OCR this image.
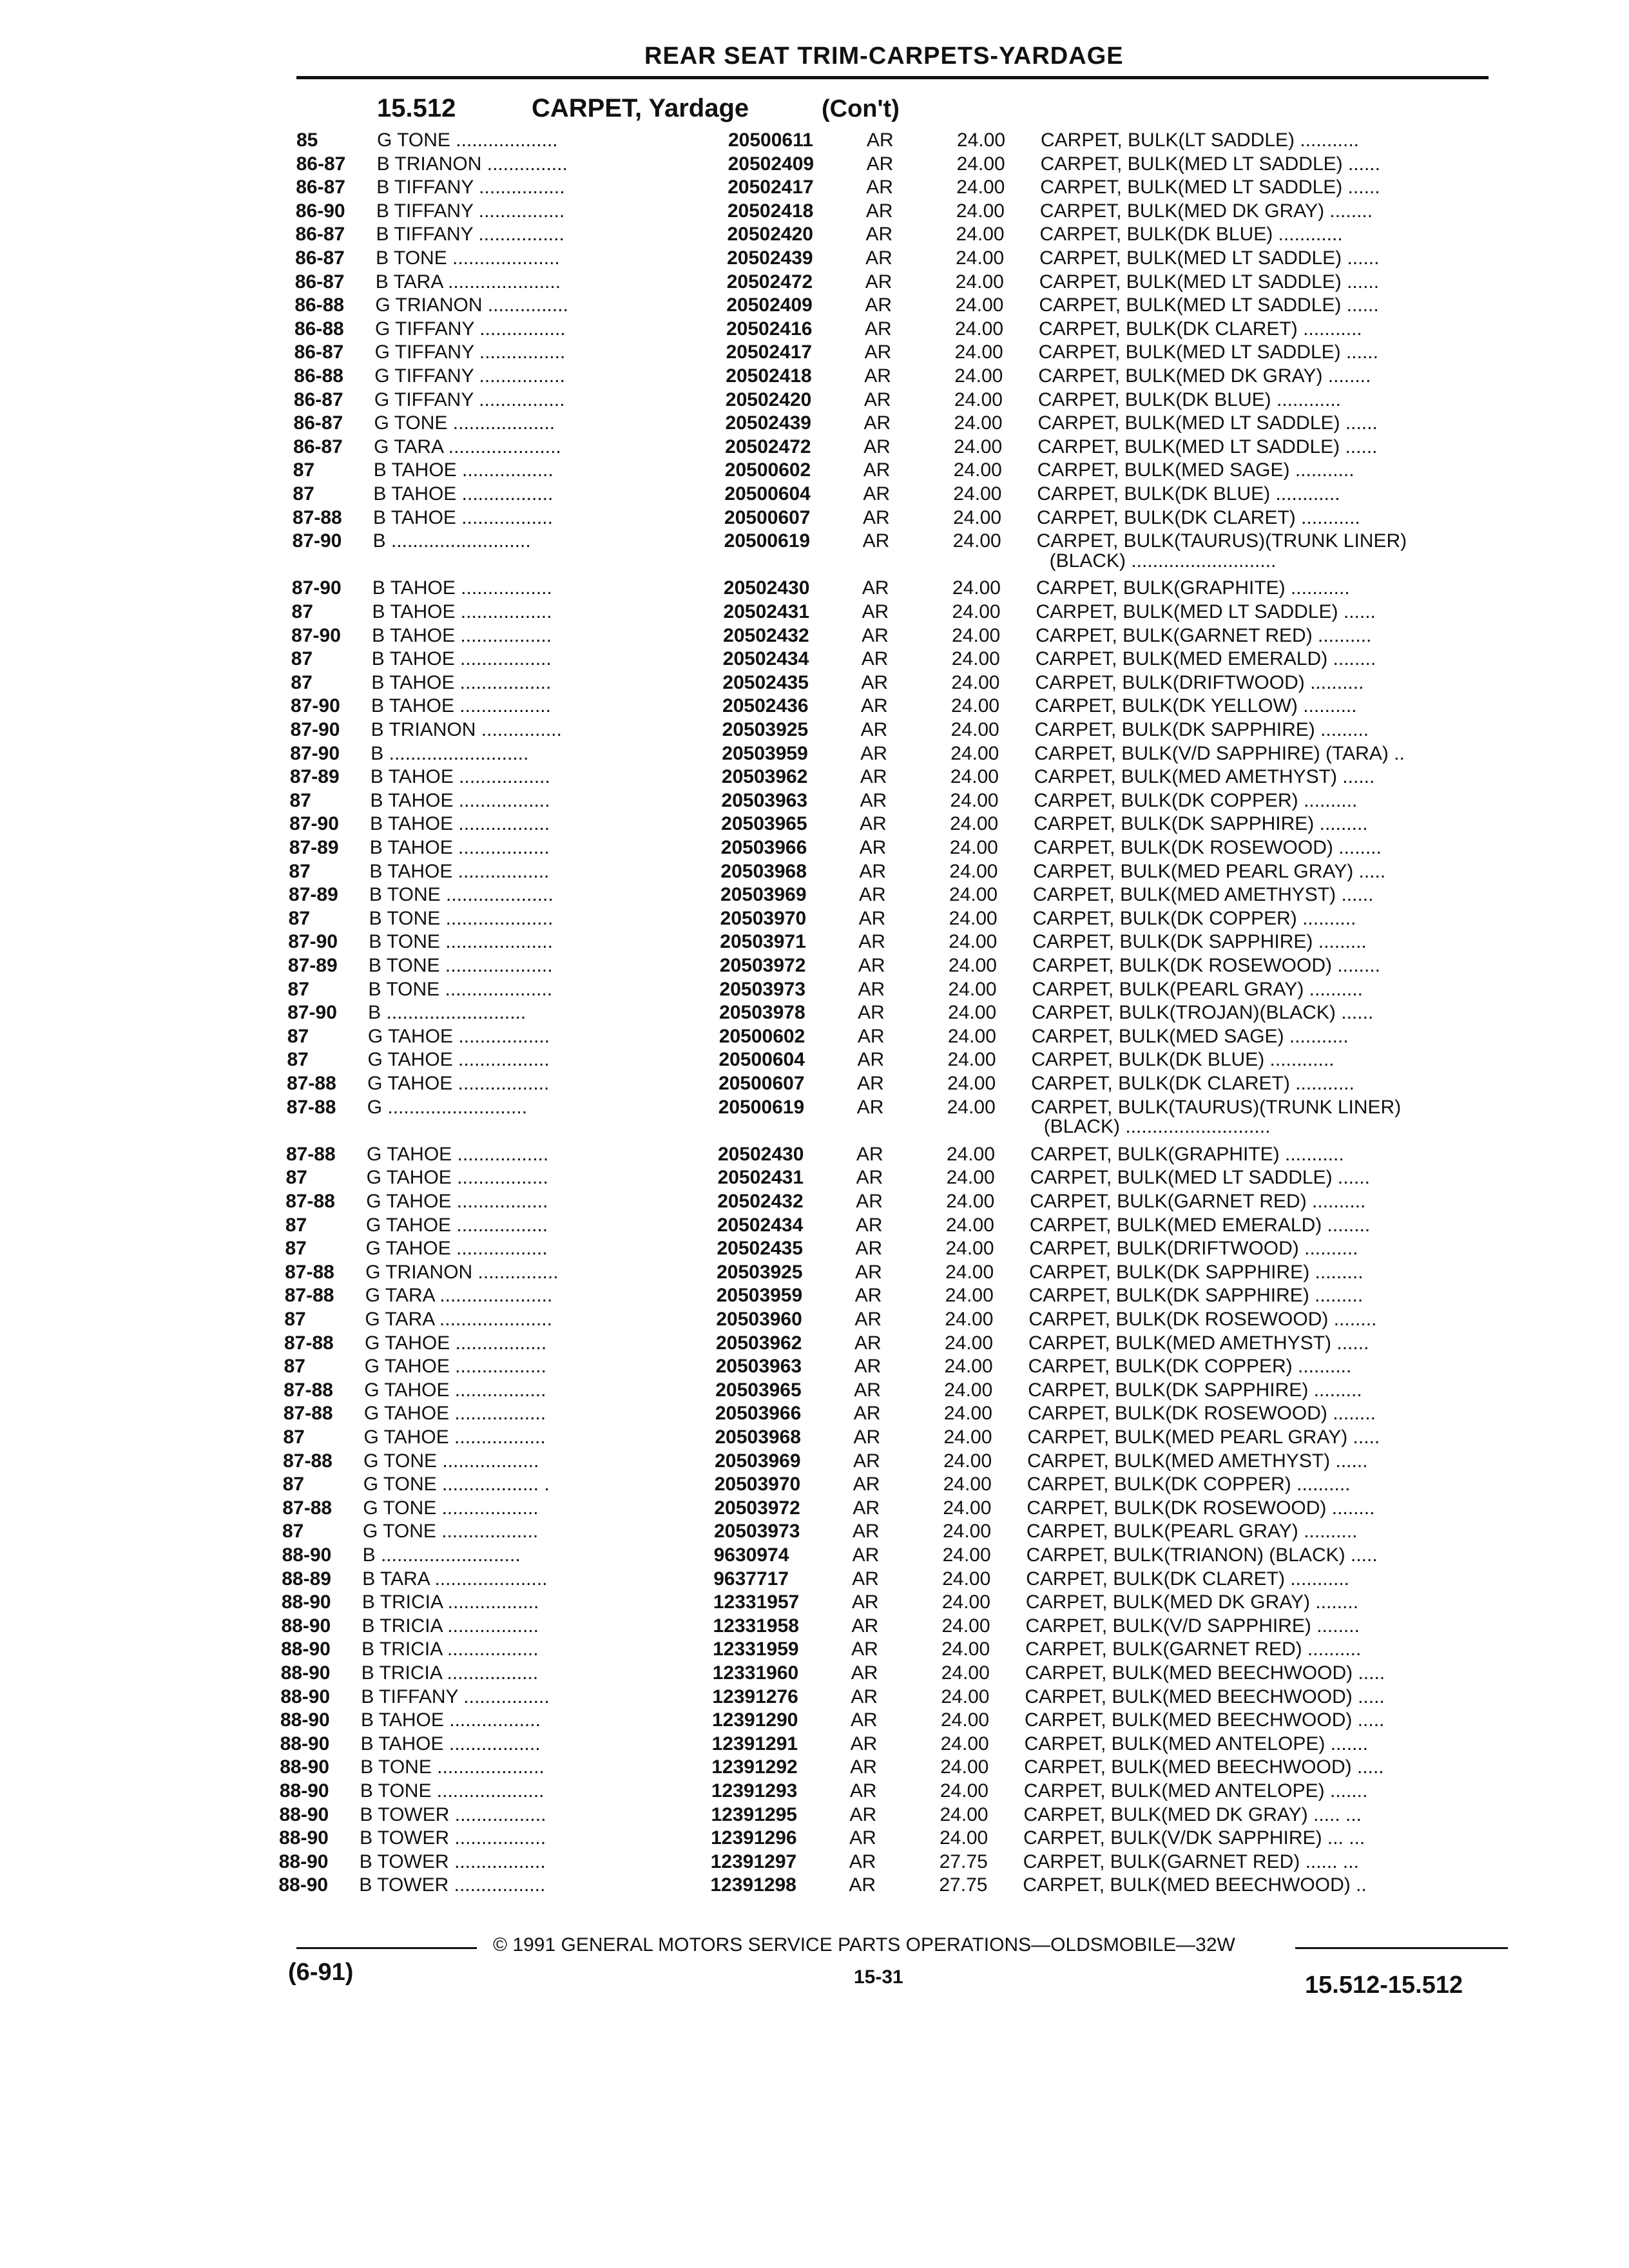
REAR SEAT TRIM-CARPETS-YARDAGE
15.512	CARPET, Yardage	(Con't)
85	G TONE ...................	20500611	AR	24.00	CARPET, BULK(LT SADDLE) ...........
86-87	B TRIANON ...............	20502409	AR	24.00	CARPET, BULK(MED LT SADDLE) ......
86-87	B TIFFANY ................	20502417	AR	24.00	CARPET, BULK(MED LT SADDLE) ......
86-90	B TIFFANY ................	20502418	AR	24.00	CARPET, BULK(MED DK GRAY) ........
86-87	B TIFFANY ................	20502420	AR	24.00	CARPET, BULK(DK BLUE) ............
86-87	B TONE ....................	20502439	AR	24.00	CARPET, BULK(MED LT SADDLE) ......
86-87	B TARA .....................	20502472	AR	24.00	CARPET, BULK(MED LT SADDLE) ......
86-88	G TRIANON ...............	20502409	AR	24.00	CARPET, BULK(MED LT SADDLE) ......
86-88	G TIFFANY ................	20502416	AR	24.00	CARPET, BULK(DK CLARET) ...........
86-87	G TIFFANY ................	20502417	AR	24.00	CARPET, BULK(MED LT SADDLE) ......
86-88	G TIFFANY ................	20502418	AR	24.00	CARPET, BULK(MED DK GRAY) ........
86-87	G TIFFANY ................	20502420	AR	24.00	CARPET, BULK(DK BLUE) ............
86-87	G TONE ...................	20502439	AR	24.00	CARPET, BULK(MED LT SADDLE) ......
86-87	G TARA .....................	20502472	AR	24.00	CARPET, BULK(MED LT SADDLE) ......
87	B TAHOE .................	20500602	AR	24.00	CARPET, BULK(MED SAGE) ...........
87	B TAHOE .................	20500604	AR	24.00	CARPET, BULK(DK BLUE) ............
87-88	B TAHOE .................	20500607	AR	24.00	CARPET, BULK(DK CLARET) ...........
87-90	B ..........................	20500619	AR	24.00	CARPET, BULK(TAURUS)(TRUNK LINER)
(BLACK) ...........................
87-90	B TAHOE .................	20502430	AR	24.00	CARPET, BULK(GRAPHITE) ...........
87	B TAHOE .................	20502431	AR	24.00	CARPET, BULK(MED LT SADDLE) ......
87-90	B TAHOE .................	20502432	AR	24.00	CARPET, BULK(GARNET RED) ..........
87	B TAHOE .................	20502434	AR	24.00	CARPET, BULK(MED EMERALD) ........
87	B TAHOE .................	20502435	AR	24.00	CARPET, BULK(DRIFTWOOD) ..........
87-90	B TAHOE .................	20502436	AR	24.00	CARPET, BULK(DK YELLOW) ..........
87-90	B TRIANON ...............	20503925	AR	24.00	CARPET, BULK(DK SAPPHIRE) .........
87-90	B ..........................	20503959	AR	24.00	CARPET, BULK(V/D SAPPHIRE) (TARA) ..
87-89	B TAHOE .................	20503962	AR	24.00	CARPET, BULK(MED AMETHYST) ......
87	B TAHOE .................	20503963	AR	24.00	CARPET, BULK(DK COPPER) ..........
87-90	B TAHOE .................	20503965	AR	24.00	CARPET, BULK(DK SAPPHIRE) .........
87-89	B TAHOE .................	20503966	AR	24.00	CARPET, BULK(DK ROSEWOOD) ........
87	B TAHOE .................	20503968	AR	24.00	CARPET, BULK(MED PEARL GRAY) .....
87-89	B TONE ....................	20503969	AR	24.00	CARPET, BULK(MED AMETHYST) ......
87	B TONE ....................	20503970	AR	24.00	CARPET, BULK(DK COPPER) ..........
87-90	B TONE ....................	20503971	AR	24.00	CARPET, BULK(DK SAPPHIRE) .........
87-89	B TONE ....................	20503972	AR	24.00	CARPET, BULK(DK ROSEWOOD) ........
87	B TONE ....................	20503973	AR	24.00	CARPET, BULK(PEARL GRAY) ..........
87-90	B ..........................	20503978	AR	24.00	CARPET, BULK(TROJAN)(BLACK) ......
87	G TAHOE .................	20500602	AR	24.00	CARPET, BULK(MED SAGE) ...........
87	G TAHOE .................	20500604	AR	24.00	CARPET, BULK(DK BLUE) ............
87-88	G TAHOE .................	20500607	AR	24.00	CARPET, BULK(DK CLARET) ...........
87-88	G ..........................	20500619	AR	24.00	CARPET, BULK(TAURUS)(TRUNK LINER)
(BLACK) ...........................
87-88	G TAHOE .................	20502430	AR	24.00	CARPET, BULK(GRAPHITE) ...........
87	G TAHOE .................	20502431	AR	24.00	CARPET, BULK(MED LT SADDLE) ......
87-88	G TAHOE .................	20502432	AR	24.00	CARPET, BULK(GARNET RED) ..........
87	G TAHOE .................	20502434	AR	24.00	CARPET, BULK(MED EMERALD) ........
87	G TAHOE .................	20502435	AR	24.00	CARPET, BULK(DRIFTWOOD) ..........
87-88	G TRIANON ...............	20503925	AR	24.00	CARPET, BULK(DK SAPPHIRE) .........
87-88	G TARA .....................	20503959	AR	24.00	CARPET, BULK(DK SAPPHIRE) .........
87	G TARA .....................	20503960	AR	24.00	CARPET, BULK(DK ROSEWOOD) ........
87-88	G TAHOE .................	20503962	AR	24.00	CARPET, BULK(MED AMETHYST) ......
87	G TAHOE .................	20503963	AR	24.00	CARPET, BULK(DK COPPER) ..........
87-88	G TAHOE .................	20503965	AR	24.00	CARPET, BULK(DK SAPPHIRE) .........
87-88	G TAHOE .................	20503966	AR	24.00	CARPET, BULK(DK ROSEWOOD) ........
87	G TAHOE .................	20503968	AR	24.00	CARPET, BULK(MED PEARL GRAY) .....
87-88	G TONE ..................	20503969	AR	24.00	CARPET, BULK(MED AMETHYST) ......
87	G TONE .................. .	20503970	AR	24.00	CARPET, BULK(DK COPPER) ..........
87-88	G TONE ..................	20503972	AR	24.00	CARPET, BULK(DK ROSEWOOD) ........
87	G TONE ..................	20503973	AR	24.00	CARPET, BULK(PEARL GRAY) ..........
88-90	B ..........................	9630974	AR	24.00	CARPET, BULK(TRIANON) (BLACK) .....
88-89	B TARA .....................	9637717	AR	24.00	CARPET, BULK(DK CLARET) ...........
88-90	B TRICIA .................	12331957	AR	24.00	CARPET, BULK(MED DK GRAY) ........
88-90	B TRICIA .................	12331958	AR	24.00	CARPET, BULK(V/D SAPPHIRE) ........
88-90	B TRICIA .................	12331959	AR	24.00	CARPET, BULK(GARNET RED) ..........
88-90	B TRICIA .................	12331960	AR	24.00	CARPET, BULK(MED BEECHWOOD) .....
88-90	B TIFFANY ................	12391276	AR	24.00	CARPET, BULK(MED BEECHWOOD) .....
88-90	B TAHOE .................	12391290	AR	24.00	CARPET, BULK(MED BEECHWOOD) .....
88-90	B TAHOE .................	12391291	AR	24.00	CARPET, BULK(MED ANTELOPE) .......
88-90	B TONE ....................	12391292	AR	24.00	CARPET, BULK(MED BEECHWOOD) .....
88-90	B TONE ....................	12391293	AR	24.00	CARPET, BULK(MED ANTELOPE) .......
88-90	B TOWER .................	12391295	AR	24.00	CARPET, BULK(MED DK GRAY) ..... ...
88-90	B TOWER .................	12391296	AR	24.00	CARPET, BULK(V/DK SAPPHIRE) ... ...
88-90	B TOWER .................	12391297	AR	27.75	CARPET, BULK(GARNET RED) ...... ...
88-90	B TOWER .................	12391298	AR	27.75	CARPET, BULK(MED BEECHWOOD) ..
© 1991 GENERAL MOTORS SERVICE PARTS OPERATIONS—OLDSMOBILE—32W
(6-91)	15-31	15.512-15.512
